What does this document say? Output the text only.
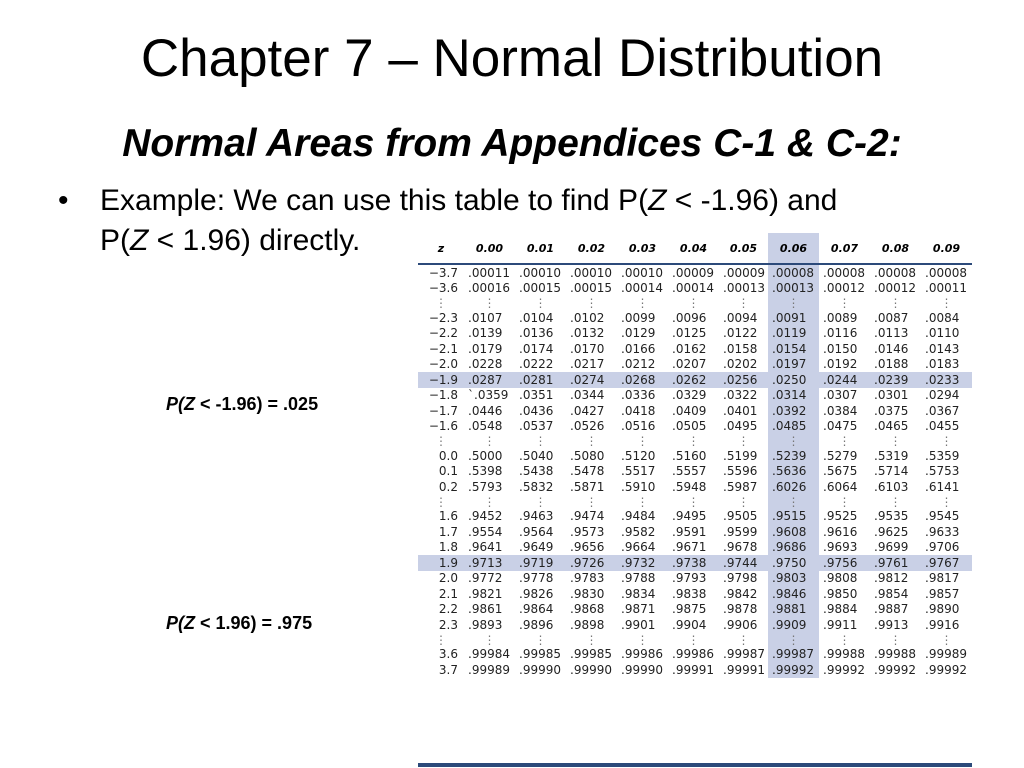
Chapter 7 – Normal Distribution
Normal Areas from Appendices C-1 & C-2:
• Example: We can use this table to find P(Z < -1.96) and
P(Z < 1.96) directly.
P(Z < -1.96) = .025
P(Z < 1.96) = .975
z	0.00	0.01	0.02	0.03	0.04	0.05	0.06	0.07	0.08	0.09
−3.7	.00011	.00010	.00010	.00010	.00009	.00009	.00008	.00008	.00008	.00008
−3.6	.00016	.00015	.00015	.00014	.00014	.00013	.00013	.00012	.00012	.00011
⋮	⋮	⋮	⋮	⋮	⋮	⋮	⋮	⋮	⋮	⋮
−2.3	.0107	.0104	.0102	.0099	.0096	.0094	.0091	.0089	.0087	.0084
−2.2	.0139	.0136	.0132	.0129	.0125	.0122	.0119	.0116	.0113	.0110
−2.1	.0179	.0174	.0170	.0166	.0162	.0158	.0154	.0150	.0146	.0143
−2.0	.0228	.0222	.0217	.0212	.0207	.0202	.0197	.0192	.0188	.0183
−1.9	.0287	.0281	.0274	.0268	.0262	.0256	.0250	.0244	.0239	.0233
−1.8	`.0359	.0351	.0344	.0336	.0329	.0322	.0314	.0307	.0301	.0294
−1.7	.0446	.0436	.0427	.0418	.0409	.0401	.0392	.0384	.0375	.0367
−1.6	.0548	.0537	.0526	.0516	.0505	.0495	.0485	.0475	.0465	.0455
⋮	⋮	⋮	⋮	⋮	⋮	⋮	⋮	⋮	⋮	⋮
0.0	.5000	.5040	.5080	.5120	.5160	.5199	.5239	.5279	.5319	.5359
0.1	.5398	.5438	.5478	.5517	.5557	.5596	.5636	.5675	.5714	.5753
0.2	.5793	.5832	.5871	.5910	.5948	.5987	.6026	.6064	.6103	.6141
⋮	⋮	⋮	⋮	⋮	⋮	⋮	⋮	⋮	⋮	⋮
1.6	.9452	.9463	.9474	.9484	.9495	.9505	.9515	.9525	.9535	.9545
1.7	.9554	.9564	.9573	.9582	.9591	.9599	.9608	.9616	.9625	.9633
1.8	.9641	.9649	.9656	.9664	.9671	.9678	.9686	.9693	.9699	.9706
1.9	.9713	.9719	.9726	.9732	.9738	.9744	.9750	.9756	.9761	.9767
2.0	.9772	.9778	.9783	.9788	.9793	.9798	.9803	.9808	.9812	.9817
2.1	.9821	.9826	.9830	.9834	.9838	.9842	.9846	.9850	.9854	.9857
2.2	.9861	.9864	.9868	.9871	.9875	.9878	.9881	.9884	.9887	.9890
2.3	.9893	.9896	.9898	.9901	.9904	.9906	.9909	.9911	.9913	.9916
⋮	⋮	⋮	⋮	⋮	⋮	⋮	⋮	⋮	⋮	⋮
3.6	.99984	.99985	.99985	.99986	.99986	.99987	.99987	.99988	.99988	.99989
3.7	.99989	.99990	.99990	.99990	.99991	.99991	.99992	.99992	.99992	.99992
